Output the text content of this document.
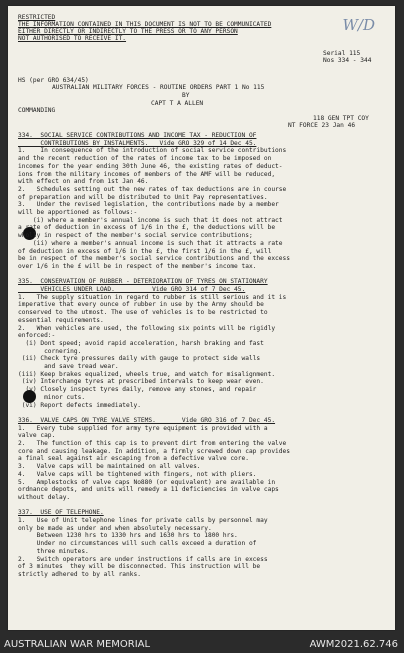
W/D
RESTRICTED
THE INFORMATION CONTAINED IN THIS DOCUMENT IS NOT TO BE COMMUNICATED
EITHER DIRECTLY OR INDIRECTLY TO THE PRESS OR TO ANY PERSON
NOT AUTHORISED TO RECEIVE IT.
Serial 115
Nos 334 - 344
HS (per GRO 634/45)
AUSTRALIAN MILITARY FORCES - ROUTINE ORDERS PART 1 No 115
BY
CAPT T A ALLEN
COMMANDING
118 GEN TPT COY
NT FORCE 23 Jan 46
334.  SOCIAL SERVICE CONTRIBUTIONS AND INCOME TAX - REDUCTION OF
CONTRIBUTIONS BY INSTALMENTS.   Vide GRO 329 of 14 Dec 45.
1.    In consequence of the introduction of social service contributions
and the recent reduction of the rates of income tax to be imposed on
incomes for the year ending 30th June 46, the existing rates of deduct-
ions from the military incomes of members of the AMF will be reduced,
with effect on and from 1st Jan 46.
2.   Schedules setting out the new rates of tax deductions are in course
of preparation and will be distributed to Unit Pay representatives.
3.   Under the revised legislation, the contributions made by a member
will be apportioned as follows:-
(i) where a member's annual income is such that it does not attract
a rate of deduction in excess of 1/6 in the £, the deductions will be
wholly in respect of the member's social service contributions;
(ii) where a member's annual income is such that it attracts a rate
of deduction in excess of 1/6 in the £, the first 1/6 in the £, will
be in respect of the member's social service contributions and the excess
over 1/6 in the £ will be in respect of the member's income tax.
335.  CONSERVATION OF RUBBER - DETERIORATION OF TYRES ON STATIONARY
VEHICLES UNDER LOAD.          Vide GRO 314 of 7 Dec 45.
1.   The supply situation in regard to rubber is still serious and it is
imperative that every ounce of rubber in use by the Army should be
conserved to the utmost. The use of vehicles is to be restricted to
essential requirements.
2.   When vehicles are used, the following six points will be rigidly
enforced:-
(i) Dont speed; avoid rapid acceleration, harsh braking and fast
cornering.
(ii) Check tyre pressures daily with gauge to protect side walls
and save tread wear.
(iii) Keep brakes equalized, wheels true, and watch for misalignment.
(iv) Interchange tyres at prescribed intervals to keep wear even.
(v) Closely inspect tyres daily, remove any stones, and repair
minor cuts.
(vi) Report defects immediately.
336.  VALVE CAPS ON TYRE VALVE STEMS.       Vide GRO 316 of 7 Dec 45.
1.   Every tube supplied for army tyre equipment is provided with a
valve cap.
2.   The function of this cap is to prevent dirt from entering the valve
core and causing leakage. In addition, a firmly screwed down cap provides
a final seal against air escaping from a defective valve core.
3.   Valve caps will be maintained on all valves.
4.   Valve caps will be tightened with fingers, not with pliers.
5.   Amplestocks of valve caps No880 (or equivalent) are available in
ordnance depots, and units will remedy a 11 deficiencies in valve caps
without delay.
337.  USE OF TELEPHONE.
1.   Use of Unit telephone lines for private calls by personnel may
only be made as under and when absolutely necessary.
Between 1230 hrs to 1330 hrs and 1630 hrs to 1800 hrs.
Under no circumstances will such calls exceed a duration of
three minutes.
2.   Switch operators are under instructions if calls are in excess
of 3 minutes  they will be disconnected. This instruction will be
strictly adhered to by all ranks.
AUSTRALIAN WAR MEMORIAL	AWM2021.62.746
